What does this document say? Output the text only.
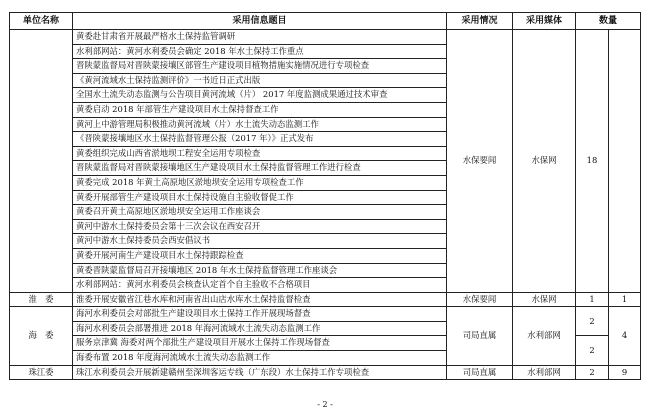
单位名称	采用信息题目	采用情况	采用媒体	数量	
	黄委赴甘肃省开展最严格水土保持监管调研	水保要闻	水保网	18	
	水利部网站：黄河水利委员会确定 2018 年水土保持工作重点				
	晋陕蒙监督局对晋陕蒙接壤区部管生产建设项目植物措施实施情况进行专项检查				
	《黄河流域水土保持监测评价》一书近日正式出版				
	全国水土流失动态监测与公告项目黄河流域（片） 2017 年度监测成果通过技术审查				
	黄委启动 2018 年部管生产建设项目水土保持督查工作				
	黄河上中游管理局积极推动黄河流域（片）水土流失动态监测工作				
	《晋陕蒙接壤地区水土保持监督管理公报（2017 年）》正式发布				
	黄委组织完成山西省淤地坝工程安全运用专项检查				
	晋陕蒙监督局对晋陕蒙接壤地区生产建设项目水土保持监督管理工作进行检查				
	黄委完成 2018 年黄土高原地区淤地坝安全运用专项检查工作				
	黄委开展部管生产建设项目水土保持设施自主验收督促工作				
	黄委召开黄土高原地区淤地坝安全运用工作座谈会				
	黄河中游水土保持委员会第十三次会议在西安召开				
	黄河中游水土保持委员会西安倡议书				
	黄委开展河南生产建设项目水土保持跟踪检查				
	黄委晋陕蒙监督局召开接壤地区 2018 年水土保持监督管理工作座谈会				
	水利部网站：黄河水利委员会核查认定首个自主验收不合格项目				
淮　委	淮委开展安徽省江巷水库和河南省出山店水库水土保持监督检查	水保要闻	水保网	1	1
海　委	海河水利委员会对部批生产建设项目水土保持工作开展现场督查	司局直属	水利部网	2	4
	海河水利委员会部署推进 2018 年海河流域水土流失动态监测工作				
	服务京津冀 海委对两个部批生产建设项目开展水土保持工作现场督查			2	
	海委布置 2018 年度海河流域水土流失动态监测工作				
珠江委	珠江水利委员会开展新建赣州至深圳客运专线（广东段）水土保持工作专项检查	司局直属	水利部网	2	9
- 2 -
